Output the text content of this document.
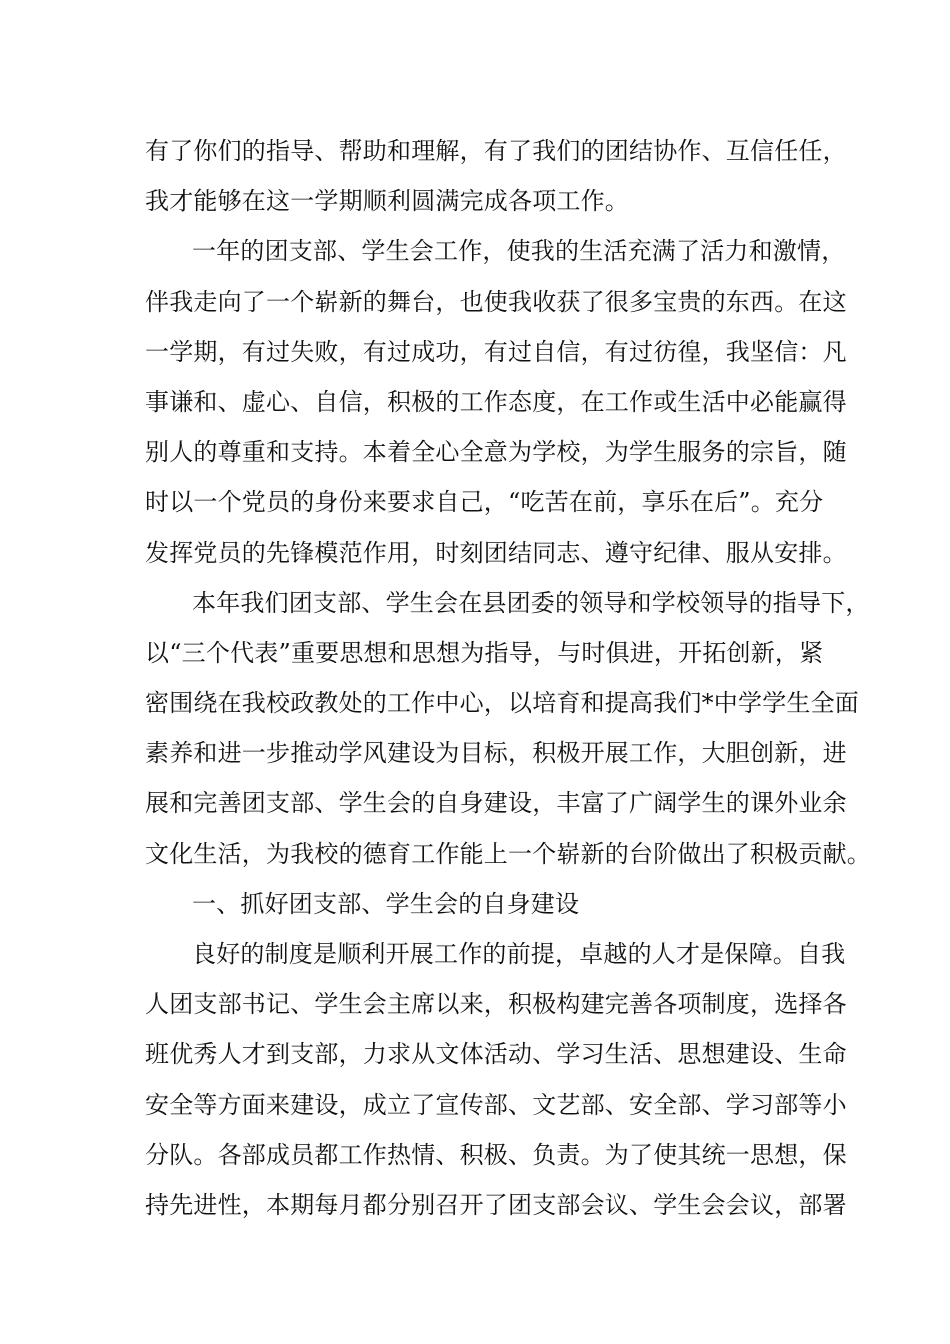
有了你们的指导、帮助和理解，有了我们的团结协作、互信任任，
我才能够在这一学期顺利圆满完成各项工作。
一年的团支部、学生会工作，使我的生活充满了活力和激情，
伴我走向了一个崭新的舞台，也使我收获了很多宝贵的东西。在这
一学期，有过失败，有过成功，有过自信，有过彷徨，我坚信：凡
事谦和、虚心、自信，积极的工作态度，在工作或生活中必能赢得
别人的尊重和支持。本着全心全意为学校，为学生服务的宗旨，随
时以一个党员的身份来要求自己，“吃苦在前，享乐在后”。充分
发挥党员的先锋模范作用，时刻团结同志、遵守纪律、服从安排。
本年我们团支部、学生会在县团委的领导和学校领导的指导下，
以“三个代表”重要思想和思想为指导，与时俱进，开拓创新，紧
密围绕在我校政教处的工作中心，以培育和提高我们*中学学生全面
素养和进一步推动学风建设为目标，积极开展工作，大胆创新，进
展和完善团支部、学生会的自身建设，丰富了广阔学生的课外业余
文化生活，为我校的德育工作能上一个崭新的台阶做出了积极贡献。
一、抓好团支部、学生会的自身建设
良好的制度是顺利开展工作的前提，卓越的人才是保障。自我
人团支部书记、学生会主席以来，积极构建完善各项制度，选择各
班优秀人才到支部，力求从文体活动、学习生活、思想建设、生命
安全等方面来建设，成立了宣传部、文艺部、安全部、学习部等小
分队。各部成员都工作热情、积极、负责。为了使其统一思想，保
持先进性，本期每月都分别召开了团支部会议、学生会会议，部署
